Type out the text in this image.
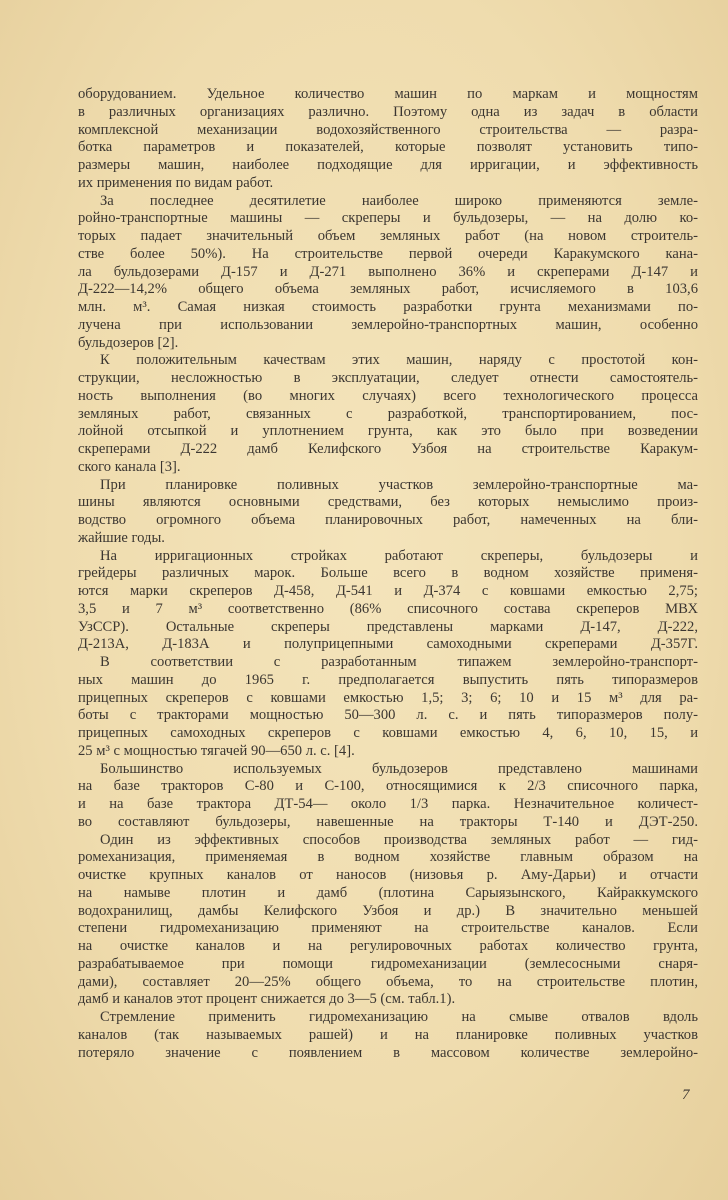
оборудованием. Удельное количество машин по маркам и мощностям
в различных организациях различно. Поэтому одна из задач в области
комплексной механизации водохозяйственного строительства — разра-
ботка параметров и показателей, которые позволят установить типо-
размеры машин, наиболее подходящие для ирригации, и эффективность
их применения по видам работ.
За последнее десятилетие наиболее широко применяются земле-
ройно-транспортные машины — скреперы и бульдозеры, — на долю ко-
торых падает значительный объем земляных работ (на новом строитель-
стве более 50%). На строительстве первой очереди Каракумского кана-
ла бульдозерами Д-157 и Д-271 выполнено 36% и скреперами Д-147 и
Д-222—14,2% общего объема земляных работ, исчисляемого в 103,6
млн. м³. Самая низкая стоимость разработки грунта механизмами по-
лучена при использовании землеройно-транспортных машин, особенно
бульдозеров [2].
К положительным качествам этих машин, наряду с простотой кон-
струкции, несложностью в эксплуатации, следует отнести самостоятель-
ность выполнения (во многих случаях) всего технологического процесса
земляных работ, связанных с разработкой, транспортированием, пос-
лойной отсыпкой и уплотнением грунта, как это было при возведении
скреперами Д-222 дамб Келифского Узбоя на строительстве Каракум-
ского канала [3].
При планировке поливных участков землеройно-транспортные ма-
шины являются основными средствами, без которых немыслимо произ-
водство огромного объема планировочных работ, намеченных на бли-
жайшие годы.
На ирригационных стройках работают скреперы, бульдозеры и
грейдеры различных марок. Больше всего в водном хозяйстве применя-
ются марки скреперов Д-458, Д-541 и Д-374 с ковшами емкостью 2,75;
3,5 и 7 м³ соответственно (86% списочного состава скреперов МВХ
УзССР). Остальные скреперы представлены марками Д-147, Д-222,
Д-213А, Д-183А и полуприцепными самоходными скреперами Д-357Г.
В соответствии с разработанным типажем землеройно-транспорт-
ных машин до 1965 г. предполагается выпустить пять типоразмеров
прицепных скреперов с ковшами емкостью 1,5; 3; 6; 10 и 15 м³ для ра-
боты с тракторами мощностью 50—300 л. с. и пять типоразмеров полу-
прицепных самоходных скреперов с ковшами емкостью 4, 6, 10, 15, и
25 м³ с мощностью тягачей 90—650 л. с. [4].
Большинство используемых бульдозеров представлено машинами
на базе тракторов С-80 и С-100, относящимися к 2/3 списочного парка,
и на базе трактора ДТ-54— около 1/3 парка. Незначительное количест-
во составляют бульдозеры, навешенные на тракторы Т-140 и ДЭТ-250.
Один из эффективных способов производства земляных работ — гид-
ромеханизация, применяемая в водном хозяйстве главным образом на
очистке крупных каналов от наносов (низовья р. Аму-Дарьи) и отчасти
на намыве плотин и дамб (плотина Сарыязынского, Кайраккумского
водохранилищ, дамбы Келифского Узбоя и др.) В значительно меньшей
степени гидромеханизацию применяют на строительстве каналов. Если
на очистке каналов и на регулировочных работах количество грунта,
разрабатываемое при помощи гидромеханизации (землесосными снаря-
дами), составляет 20—25% общего объема, то на строительстве плотин,
дамб и каналов этот процент снижается до 3—5 (см. табл.1).
Стремление применить гидромеханизацию на смыве отвалов вдоль
каналов (так называемых рашей) и на планировке поливных участков
потеряло значение с появлением в массовом количестве землеройно-
7
